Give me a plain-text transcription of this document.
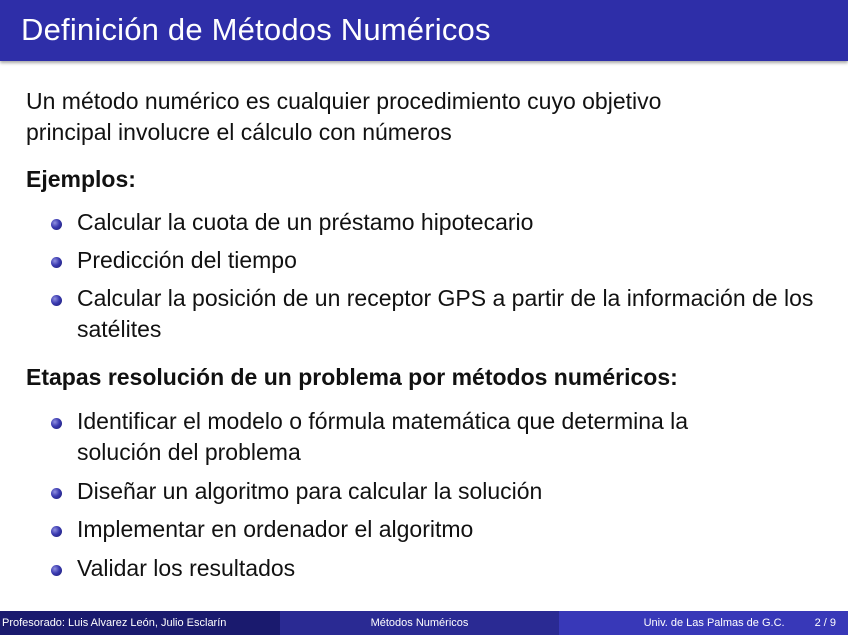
Definición de Métodos Numéricos

Un método numérico es cualquier procedimiento cuyo objetivo
principal involucre el cálculo con números

Ejemplos:

Calcular la cuota de un préstamo hipotecario
Predicción del tiempo
Calcular la posición de un receptor GPS a partir de la información de los satélites

Etapas resolución de un problema por métodos numéricos:

Identificar el modelo o fórmula matemática que determina la solución del problema
Diseñar un algoritmo para calcular la solución
Implementar en ordenador el algoritmo
Validar los resultados
Profesorado: Luis Alvarez León, Julio Esclarín	Métodos Numéricos	Univ. de Las Palmas de G.C.	2 / 9
